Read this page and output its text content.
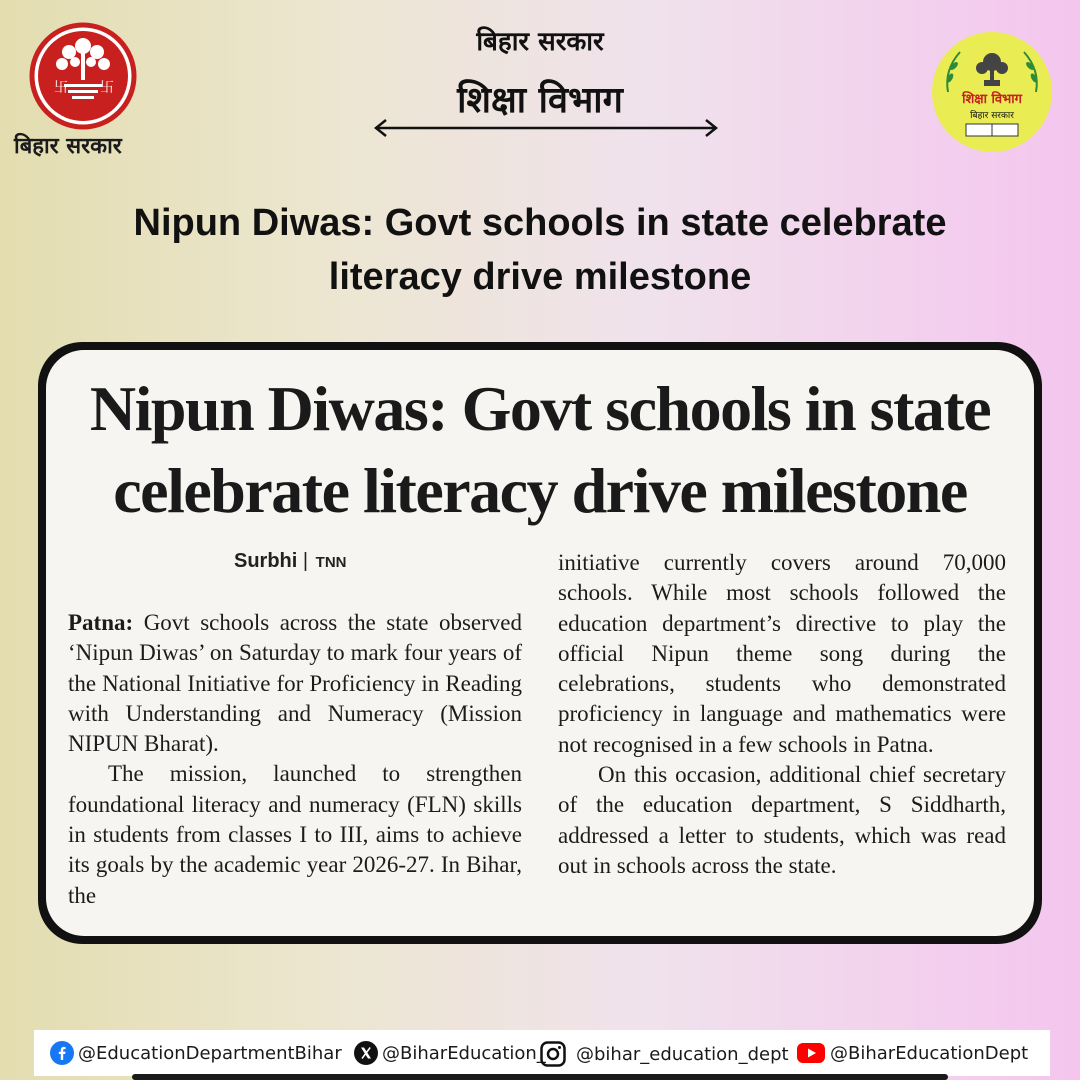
卐 卐
बिहार सरकार
बिहार सरकार
शिक्षा विभाग	शिक्षा विभाग
बिहार सरकार
Nipun Diwas: Govt schools in state celebrate
literacy drive milestone
Nipun Diwas: Govt schools in state
celebrate literacy drive milestone
Surbhi | TNN

Patna: Govt schools across the state observed ‘Nipun Diwas’ on Saturday to mark four years of the National Initiative for Proficiency in Reading with Understanding and Numeracy (Mission NIPUN Bharat).

The mission, launched to strengthen foundational literacy and numeracy (FLN) skills in students from classes I to III, aims to achieve its goals by the academic year 2026-27. In Bihar, the

initiative currently covers around 70,000 schools. While most schools followed the education department’s directive to play the official Nipun theme song during the celebrations, students who demonstrated proficiency in language and mathematics were not recognised in a few schools in Patna.

On this occasion, additional chief secretary of the education department, S Siddharth, addressed a letter to students, which was read out in schools across the state.

@EducationDepartmentBihar @BiharEducation_ @bihar_education_dept @BiharEducationDept
